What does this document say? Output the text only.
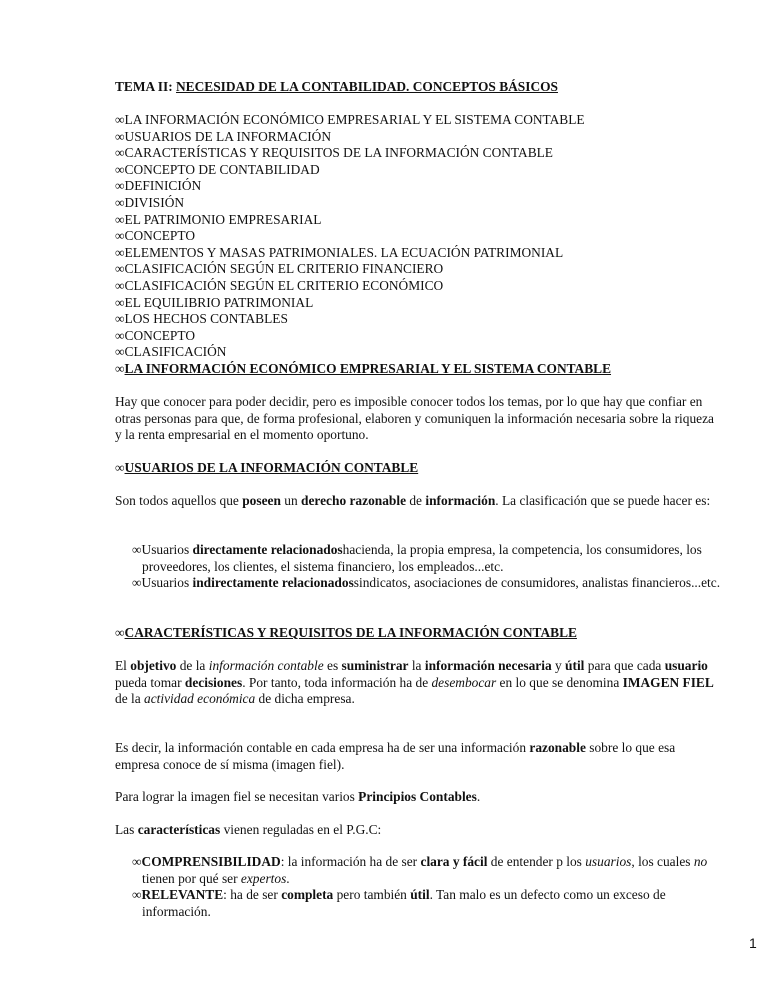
TEMA II: NECESIDAD DE LA CONTABILIDAD. CONCEPTOS BÁSICOS
∞LA INFORMACIÓN ECONÓMICO EMPRESARIAL Y EL SISTEMA CONTABLE
∞USUARIOS DE LA INFORMACIÓN
∞CARACTERÍSTICAS Y REQUISITOS DE LA INFORMACIÓN CONTABLE
∞CONCEPTO DE CONTABILIDAD
∞DEFINICIÓN
∞DIVISIÓN
∞EL PATRIMONIO EMPRESARIAL
∞CONCEPTO
∞ELEMENTOS Y MASAS PATRIMONIALES. LA ECUACIÓN PATRIMONIAL
∞CLASIFICACIÓN SEGÚN EL CRITERIO FINANCIERO
∞CLASIFICACIÓN SEGÚN EL CRITERIO ECONÓMICO
∞EL EQUILIBRIO PATRIMONIAL
∞LOS HECHOS CONTABLES
∞CONCEPTO
∞CLASIFICACIÓN
∞LA INFORMACIÓN ECONÓMICO EMPRESARIAL Y EL SISTEMA CONTABLE

Hay que conocer para poder decidir, pero es imposible conocer todos los temas, por lo que hay que confiar en otras personas para que, de forma profesional, elaboren y comuniquen la información necesaria sobre la riqueza y la renta empresarial en el momento oportuno.

∞USUARIOS DE LA INFORMACIÓN CONTABLE

Son todos aquellos que poseen un derecho razonable de información. La clasificación que se puede hacer es:

∞Usuarios directamente relacionadoshacienda, la propia empresa, la competencia, los consumidores, los proveedores, los clientes, el sistema financiero, los empleados...etc.

∞Usuarios indirectamente relacionadossindicatos, asociaciones de consumidores, analistas financieros...etc.

∞CARACTERÍSTICAS Y REQUISITOS DE LA INFORMACIÓN CONTABLE

El objetivo de la información contable es suministrar la información necesaria y útil para que cada usuario pueda tomar decisiones. Por tanto, toda información ha de desembocar en lo que se denomina IMAGEN FIEL de la actividad económica de dicha empresa.

Es decir, la información contable en cada empresa ha de ser una información razonable sobre lo que esa empresa conoce de sí misma (imagen fiel).

Para lograr la imagen fiel se necesitan varios Principios Contables.

Las características vienen reguladas en el P.G.C:

∞COMPRENSIBILIDAD: la información ha de ser clara y fácil de entender p los usuarios, los cuales no tienen por qué ser expertos.

∞RELEVANTE: ha de ser completa pero también útil. Tan malo es un defecto como un exceso de información.

1
